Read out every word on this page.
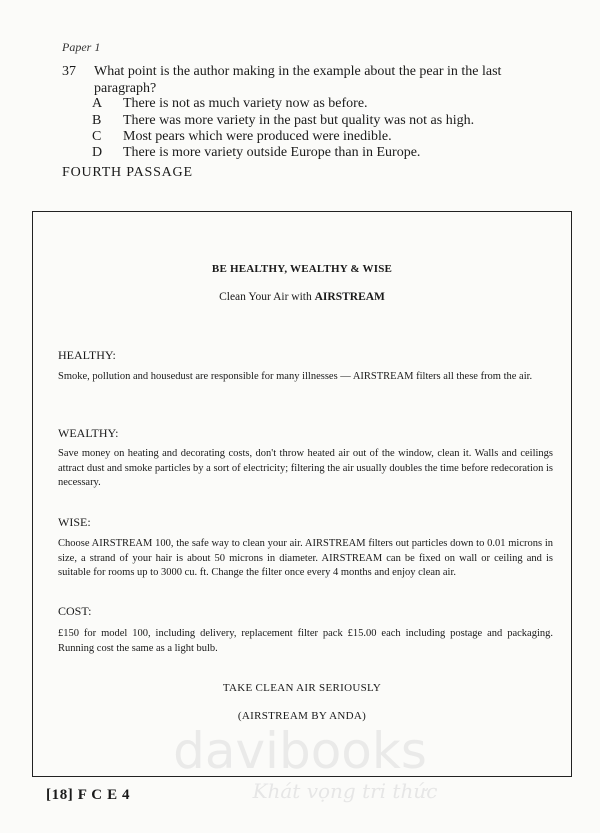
Paper 1
37 What point is the author making in the example about the pear in the last paragraph?
A There is not as much variety now as before.
B There was more variety in the past but quality was not as high.
C Most pears which were produced were inedible.
D There is more variety outside Europe than in Europe.
FOURTH PASSAGE
BE HEALTHY, WEALTHY & WISE
Clean Your Air with AIRSTREAM
HEALTHY:
Smoke, pollution and housedust are responsible for many illnesses — AIRSTREAM filters all these from the air.
WEALTHY:
Save money on heating and decorating costs, don't throw heated air out of the window, clean it. Walls and ceilings attract dust and smoke particles by a sort of electricity; filtering the air usually doubles the time before redecoration is necessary.
WISE:
Choose AIRSTREAM 100, the safe way to clean your air. AIRSTREAM filters out particles down to 0.01 microns in size, a strand of your hair is about 50 microns in diameter. AIRSTREAM can be fixed on wall or ceiling and is suitable for rooms up to 3000 cu. ft. Change the filter once every 4 months and enjoy clean air.
COST:
£150 for model 100, including delivery, replacement filter pack £15.00 each including postage and packaging. Running cost the same as a light bulb.
TAKE CLEAN AIR SERIOUSLY
(AIRSTREAM BY ANDA)
davibooks
Khát vọng tri thức
[18] F C E 4
